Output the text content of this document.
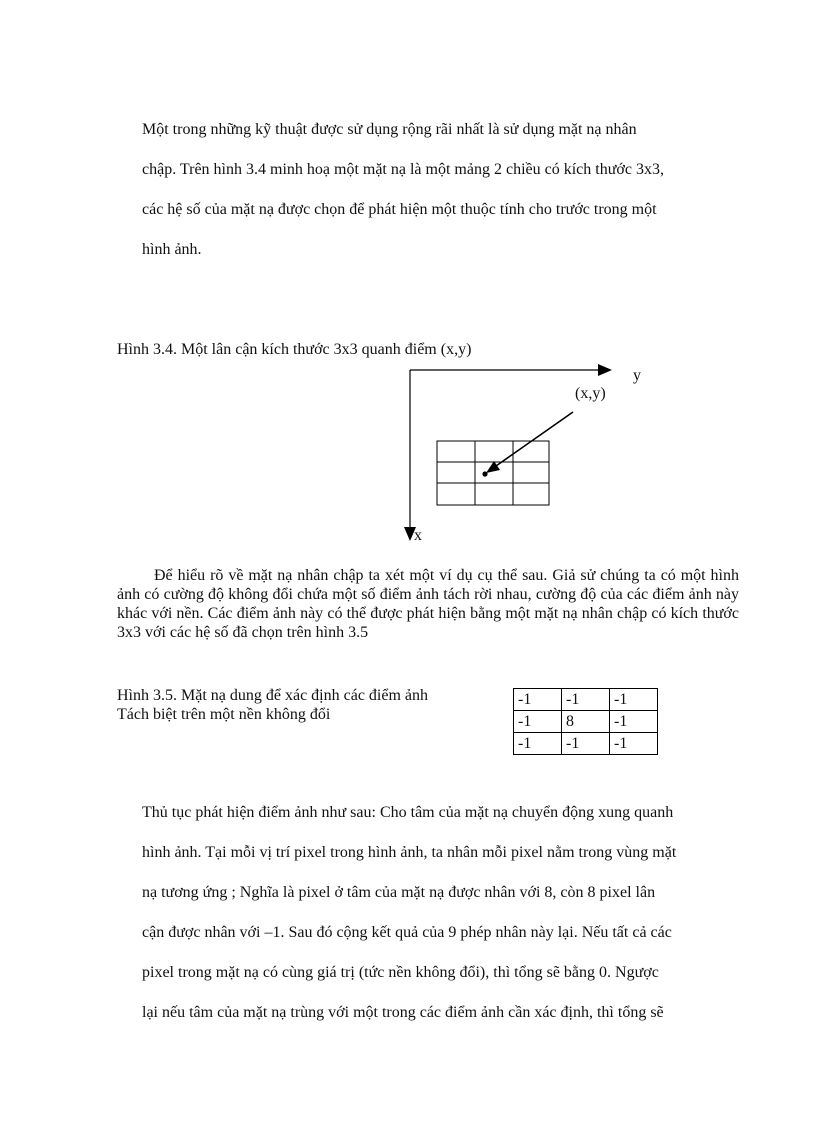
Một trong những kỹ thuật được sử dụng rộng rãi nhất là sử dụng mặt nạ nhân

chập. Trên hình 3.4 minh hoạ một mặt nạ là một mảng 2 chiều có kích thước 3x3,

các hệ số của mặt nạ được chọn để phát hiện một thuộc tính cho trước trong một

hình ảnh.

Hình 3.4. Một lân cận kích thước 3x3 quanh điểm (x,y)
y
(x,y)
x

Để hiểu rõ về mặt nạ nhân chập ta xét một ví dụ cụ thể sau. Giả sử chúng ta có một hình ảnh có cường độ không đổi chứa một số điểm ảnh tách rời nhau, cường độ của các điểm ảnh này khác với nền. Các điểm ảnh này có thể được phát hiện bằng một mặt nạ nhân chập có kích thước 3x3 với các hệ số đã chọn trên hình 3.5

Hình 3.5. Mặt nạ dung để xác định các điểm ảnh
Tách biệt trên một nền không đổi
-1	-1	-1
-1	8	-1
-1	-1	-1

Thủ tục phát hiện điểm ảnh như sau: Cho tâm của mặt nạ chuyển động xung quanh

hình ảnh. Tại mỗi vị trí pixel trong hình ảnh, ta nhân mỗi pixel nằm trong vùng mặt

nạ tương ứng ; Nghĩa là pixel ở tâm của mặt nạ được nhân với 8, còn 8 pixel lân

cận được nhân với –1. Sau đó cộng kết quả của 9 phép nhân này lại. Nếu tất cả các

pixel trong mặt nạ có cùng giá trị (tức nền không đổi), thì tổng sẽ bằng 0. Ngược

lại nếu tâm của mặt nạ trùng với một trong các điểm ảnh cần xác định, thì tổng sẽ
